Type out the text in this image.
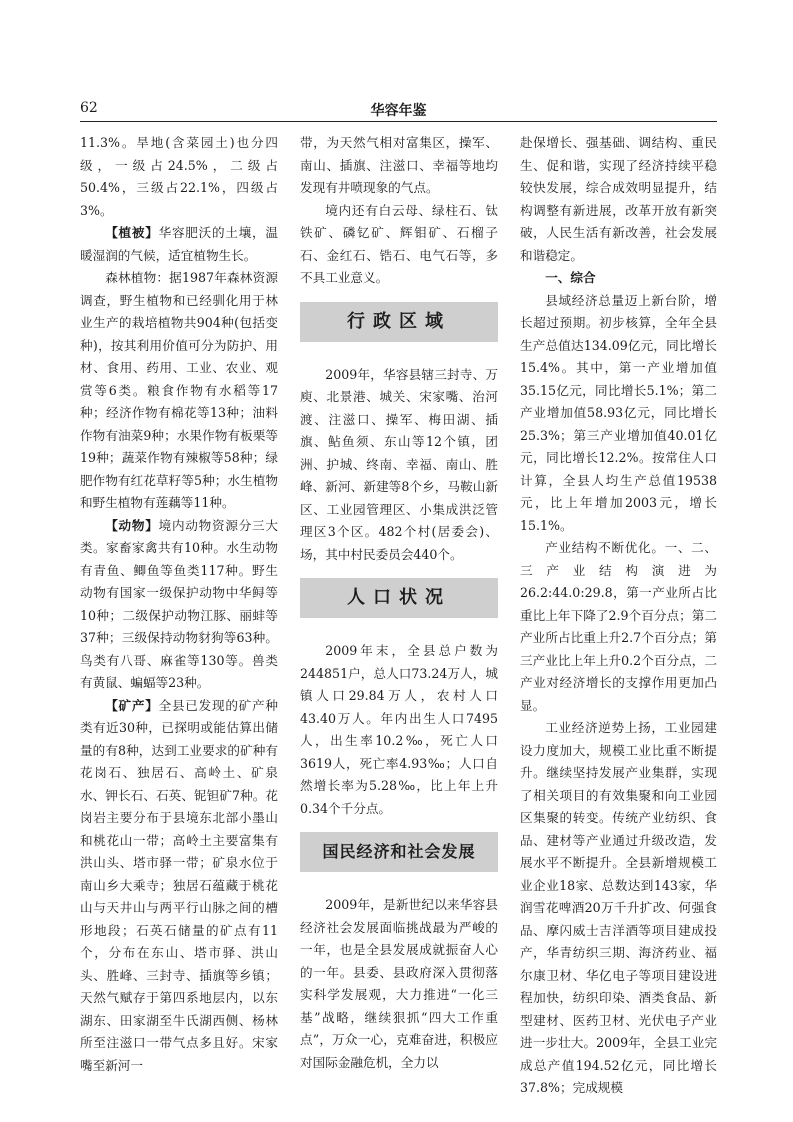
62	华容年鉴

11.3%。旱地(含菜园土)也分四级，一级占24.5%，二级占50.4%，三级占22.1%，四级占3%。

【植被】华容肥沃的土壤，温暖湿润的气候，适宜植物生长。

森林植物：据1987年森林资源调查，野生植物和已经驯化用于林业生产的栽培植物共904种(包括变种)，按其利用价值可分为防护、用材、食用、药用、工业、农业、观赏等6类。粮食作物有水稻等17种；经济作物有棉花等13种；油料作物有油菜9种；水果作物有板栗等19种；蔬菜作物有辣椒等58种；绿肥作物有红花草籽等5种；水生植物和野生植物有莲藕等11种。

【动物】境内动物资源分三大类。家畜家禽共有10种。水生动物有青鱼、鲫鱼等鱼类117种。野生动物有国家一级保护动物中华鲟等10种；二级保护动物江豚、丽蚌等37种；三级保持动物豺狗等63种。鸟类有八哥、麻雀等130等。兽类有黄鼠、蝙蝠等23种。

【矿产】全县已发现的矿产种类有近30种，已探明或能估算出储量的有8种，达到工业要求的矿种有花岗石、独居石、高岭土、矿泉水、钾长石、石英、铌钽矿7种。花岗岩主要分布于县境东北部小墨山和桃花山一带；高岭土主要富集有洪山头、塔市驿一带；矿泉水位于南山乡大乘寺；独居石蕴藏于桃花山与天井山与两平行山脉之间的槽形地段；石英石储量的矿点有11个，分布在东山、塔市驿、洪山头、胜峰、三封寺、插旗等乡镇；天然气赋存于第四系地层内，以东湖东、田家湖至牛氏湖西侧、杨林所至注滋口一带气点多且好。宋家嘴至新河一

带，为天然气相对富集区，操军、南山、插旗、注滋口、幸福等地均发现有井喷现象的气点。

境内还有白云母、绿柱石、钛铁矿、磷钇矿、辉钼矿、石榴子石、金红石、锆石、电气石等，多不具工业意义。

行政区域

2009年，华容县辖三封寺、万庾、北景港、城关、宋家嘴、治河渡、注滋口、操军、梅田湖、插旗、鲇鱼须、东山等12个镇，团洲、护城、终南、幸福、南山、胜峰、新河、新建等8个乡，马鞍山新区、工业园管理区、小集成洪泛管理区3个区。482个村(居委会)、场，其中村民委员会440个。

人口状况

2009年末，全县总户数为244851户，总人口73.24万人，城镇人口29.84万人，农村人口43.40万人。年内出生人口7495人，出生率10.2‰，死亡人口3619人，死亡率4.93‰；人口自然增长率为5.28‰，比上年上升0.34个千分点。

国民经济和社会发展

2009年，是新世纪以来华容县经济社会发展面临挑战最为严峻的一年，也是全县发展成就振奋人心的一年。县委、县政府深入贯彻落实科学发展观，大力推进“一化三基”战略，继续狠抓“四大工作重点”，万众一心，克难奋进，积极应对国际金融危机，全力以

赴保增长、强基础、调结构、重民生、促和谐，实现了经济持续平稳较快发展，综合成效明显提升，结构调整有新进展，改革开放有新突破，人民生活有新改善，社会发展和谐稳定。

一、综合

县域经济总量迈上新台阶，增长超过预期。初步核算，全年全县生产总值达134.09亿元，同比增长15.4%。其中，第一产业增加值35.15亿元，同比增长5.1%；第二产业增加值58.93亿元，同比增长25.3%；第三产业增加值40.01亿元，同比增长12.2%。按常住人口计算，全县人均生产总值19538元，比上年增加2003元，增长15.1%。

产业结构不断优化。一、二、三产业结构演进为26.2:44.0:29.8，第一产业所占比重比上年下降了2.9个百分点；第二产业所占比重上升2.7个百分点；第三产业比上年上升0.2个百分点，二产业对经济增长的支撑作用更加凸显。

工业经济逆势上扬，工业园建设力度加大，规模工业比重不断提升。继续坚持发展产业集群，实现了相关项目的有效集聚和向工业园区集聚的转变。传统产业纺织、食品、建材等产业通过升级改造，发展水平不断提升。全县新增规模工业企业18家、总数达到143家，华润雪花啤酒20万千升扩改、何强食品、摩闪威士吉洋酒等项目建成投产，华青纺织三期、海济药业、福尔康卫材、华亿电子等项目建设进程加快，纺织印染、酒类食品、新型建材、医药卫材、光伏电子产业进一步壮大。2009年，全县工业完成总产值194.52亿元，同比增长37.8%；完成规模
